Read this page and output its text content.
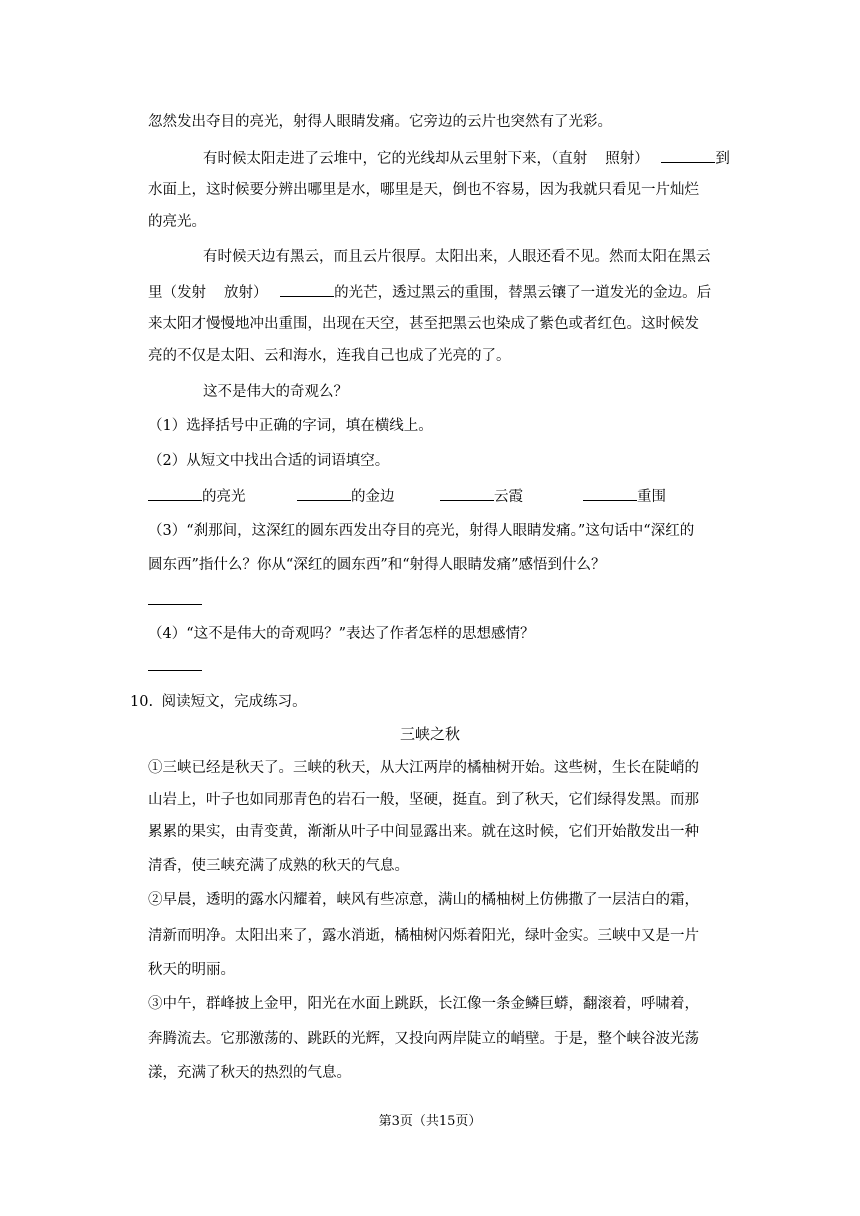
忽然发出夺目的亮光，射得人眼睛发痛。它旁边的云片也突然有了光彩。
有时候太阳走进了云堆中，它的光线却从云里射下来，（直射 照射）	到
水面上，这时候要分辨出哪里是水，哪里是天，倒也不容易，因为我就只看见一片灿烂
的亮光。
有时候天边有黑云，而且云片很厚。太阳出来，人眼还看不见。然而太阳在黑云
里（发射 放射）	的光芒，透过黑云的重围，替黑云镶了一道发光的金边。后
来太阳才慢慢地冲出重围，出现在天空，甚至把黑云也染成了紫色或者红色。这时候发
亮的不仅是太阳、云和海水，连我自己也成了光亮的了。
这不是伟大的奇观么？
（1）选择括号中正确的字词，填在横线上。
（2）从短文中找出合适的词语填空。
的亮光	的金边	云霞	重围
（3）“刹那间，这深红的圆东西发出夺目的亮光，射得人眼睛发痛。”这句话中“深红的
圆东西”指什么？你从“深红的圆东西”和“射得人眼睛发痛”感悟到什么？
（4）“这不是伟大的奇观吗？”表达了作者怎样的思想感情？
10. 阅读短文，完成练习。
三峡之秋
①三峡已经是秋天了。三峡的秋天，从大江两岸的橘柚树开始。这些树，生长在陡峭的
山岩上，叶子也如同那青色的岩石一般，坚硬，挺直。到了秋天，它们绿得发黑。而那
累累的果实，由青变黄，渐渐从叶子中间显露出来。就在这时候，它们开始散发出一种
清香，使三峡充满了成熟的秋天的气息。
②早晨，透明的露水闪耀着，峡风有些凉意，满山的橘柚树上仿佛撒了一层洁白的霜，
清新而明净。太阳出来了，露水消逝，橘柚树闪烁着阳光，绿叶金实。三峡中又是一片
秋天的明丽。
③中午，群峰披上金甲，阳光在水面上跳跃，长江像一条金鳞巨蟒，翻滚着，呼啸着，
奔腾流去。它那激荡的、跳跃的光辉，又投向两岸陡立的峭壁。于是，整个峡谷波光荡
漾，充满了秋天的热烈的气息。
第3页（共15页）
